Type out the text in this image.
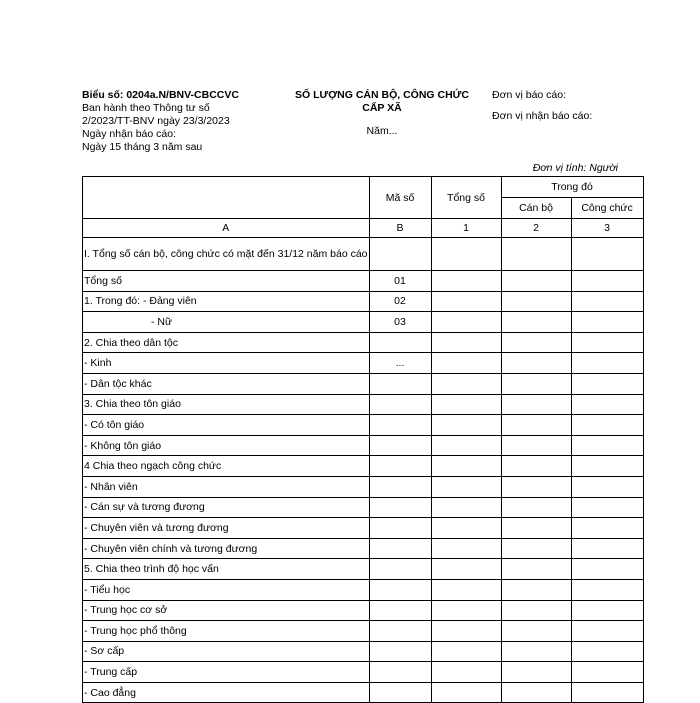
Biểu số: 0204a.N/BNV-CBCCVC
Ban hành theo Thông tư số
2/2023/TT-BNV ngày 23/3/2023
Ngày nhận báo cáo:
Ngày 15 tháng 3 năm sau
SỐ LƯỢNG CÁN BỘ, CÔNG CHỨC
CẤP XÃ
Năm...
Đơn vị báo cáo:
Đơn vị nhận báo cáo:
Đơn vị tính: Người
	Mã số	Tổng số	Trong đó	
			Cán bộ	Công chức
A	B	1	2	3
I. Tổng số cán bộ, công chức có mặt đến 31/12 năm báo cáo				
Tổng số	01			
1. Trong đó: - Đảng viên	02			
- Nữ	03			
2. Chia theo dân tộc				
- Kinh	...			
- Dân tộc khác				
3. Chia theo tôn giáo				
- Có tôn giáo				
- Không tôn giáo				
4 Chia theo ngạch công chức				
- Nhân viên				
- Cán sự và tương đương				
- Chuyên viên và tương đương				
- Chuyên viên chính và tương đương				
5. Chia theo trình độ học vấn				
- Tiểu học				
- Trung học cơ sở				
- Trung học phổ thông				
- Sơ cấp				
- Trung cấp				
- Cao đẳng				
